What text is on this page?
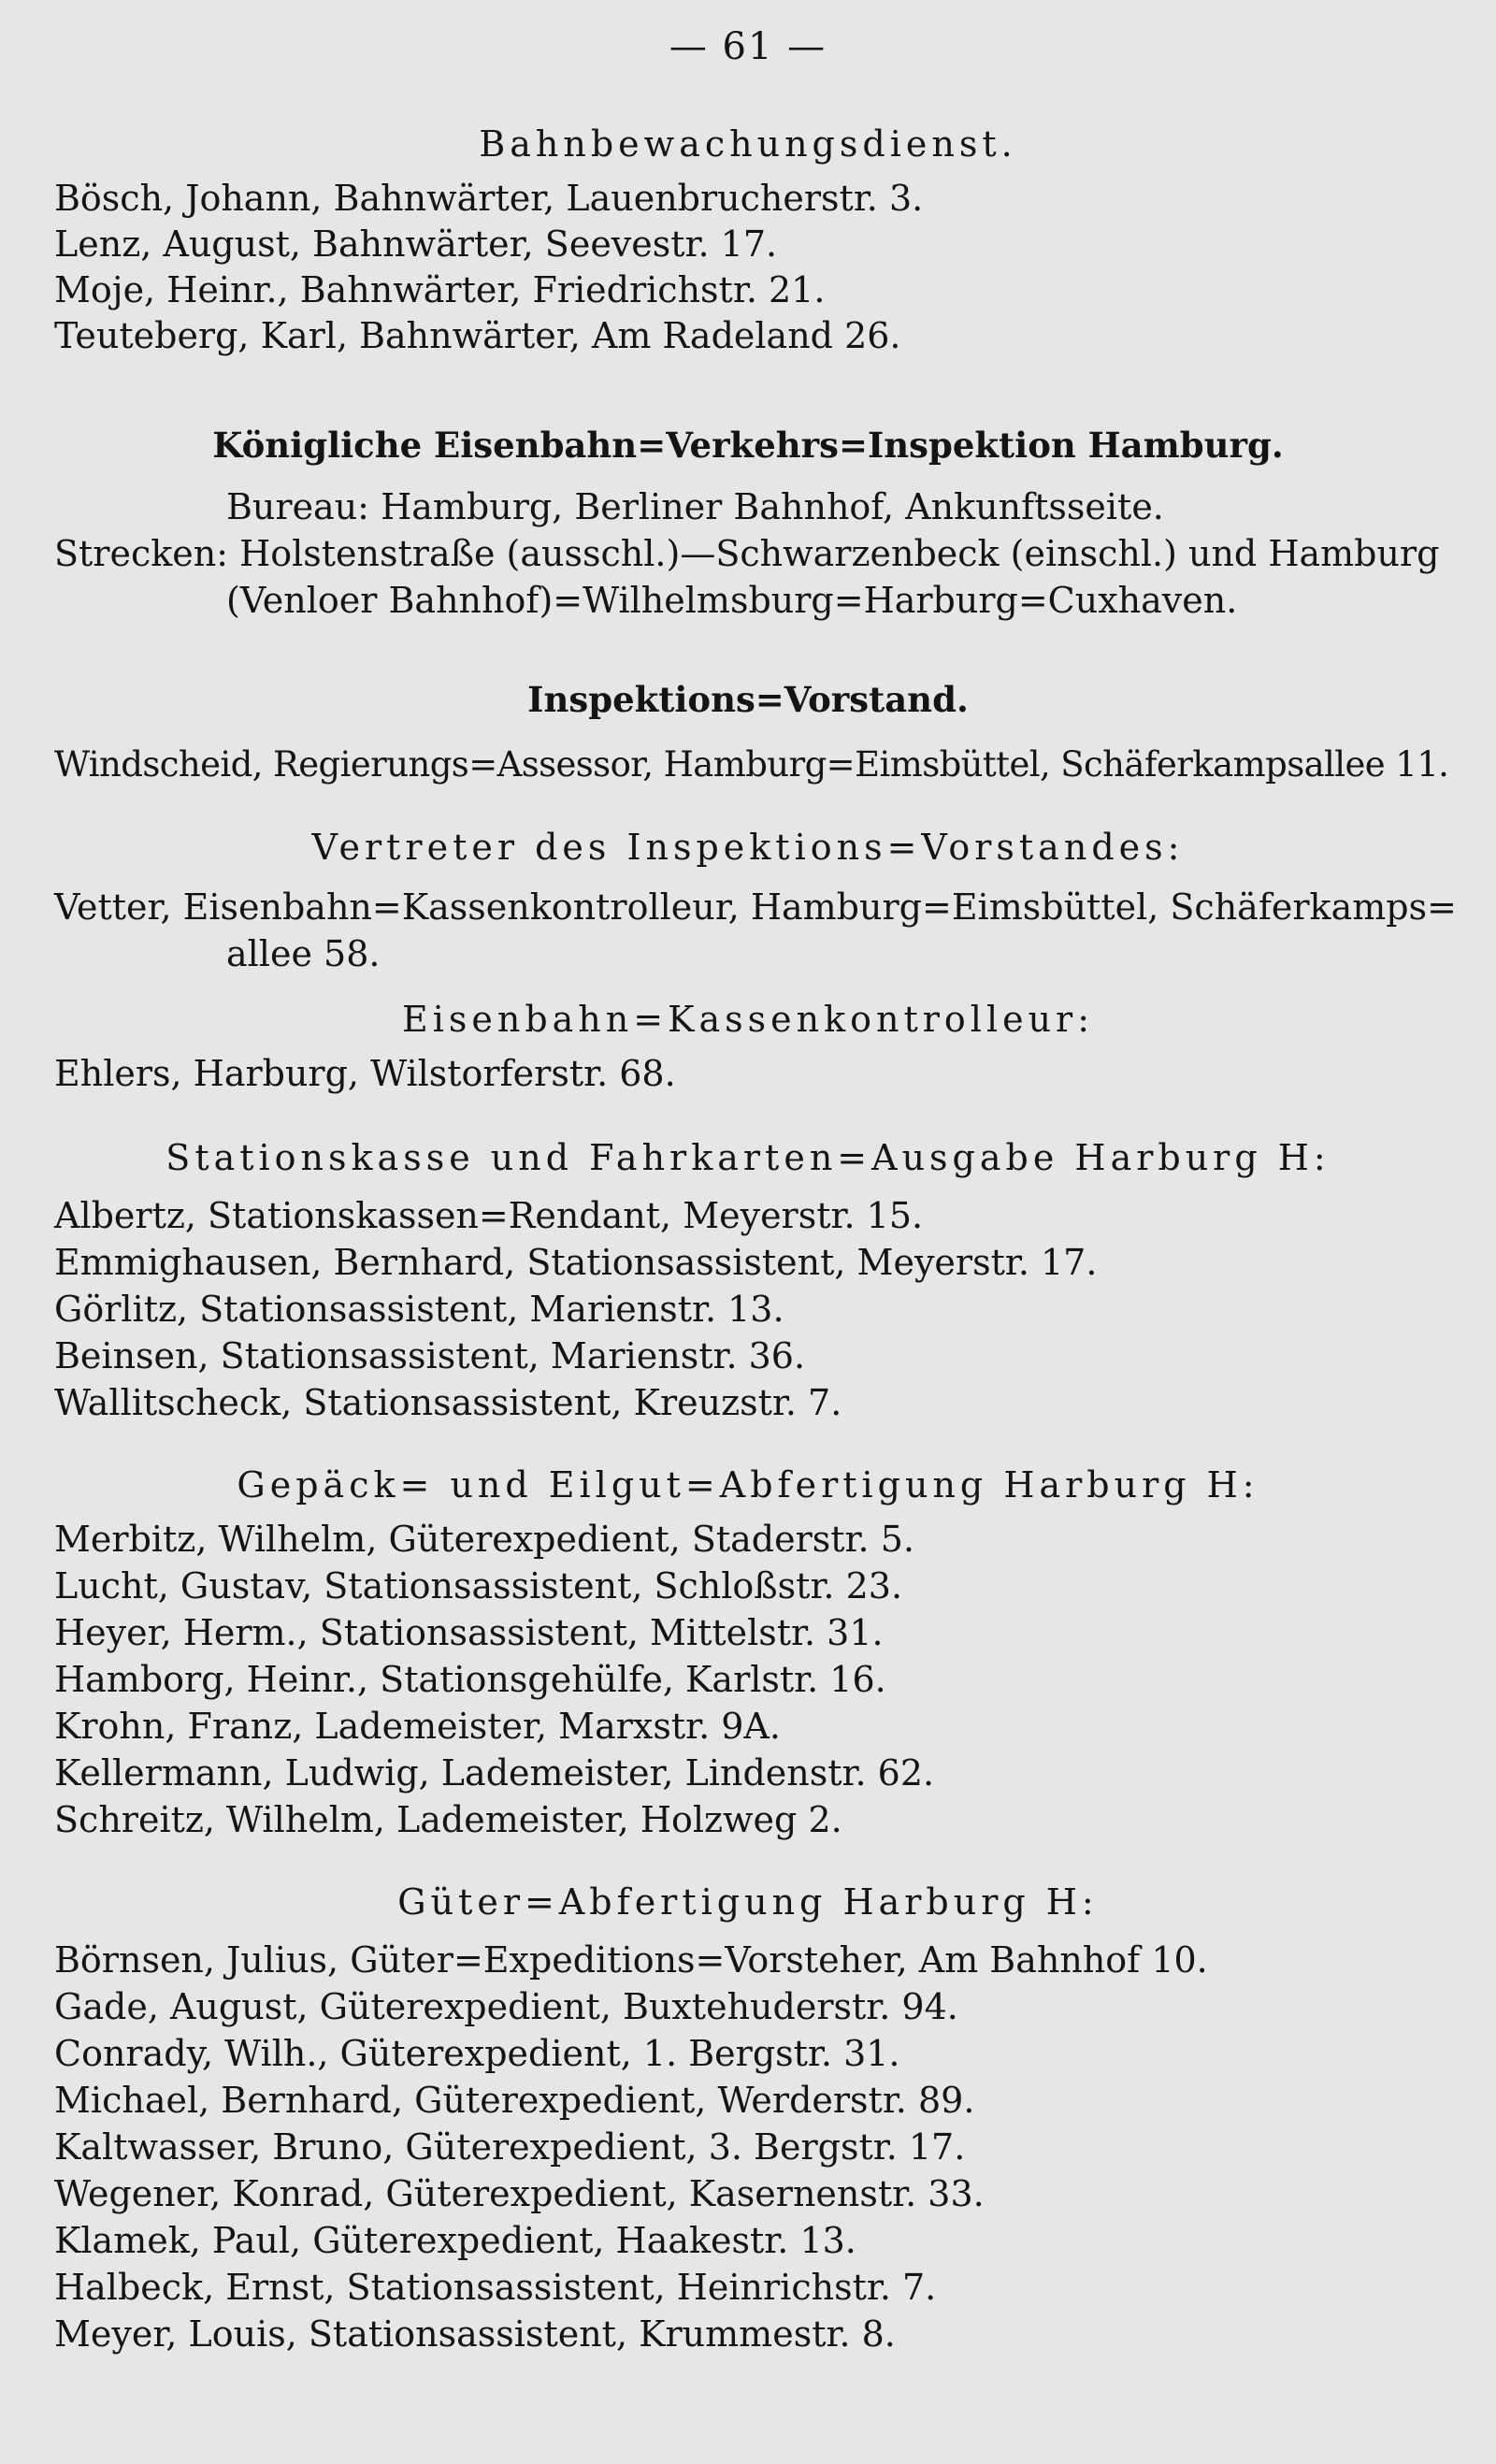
— 61 —
Bahnbewachungsdienst.
Bösch, Johann, Bahnwärter, Lauenbrucherstr. 3.
Lenz, August, Bahnwärter, Seevestr. 17.
Moje, Heinr., Bahnwärter, Friedrichstr. 21.
Teuteberg, Karl, Bahnwärter, Am Radeland 26.
Königliche Eisenbahn=Verkehrs=Inspektion Hamburg.
Bureau: Hamburg, Berliner Bahnhof, Ankunftsseite.
Strecken: Holstenstraße (ausschl.)—Schwarzenbeck (einschl.) und Hamburg
(Venloer Bahnhof)=Wilhelmsburg=Harburg=Cuxhaven.
Inspektions=Vorstand.
Windscheid, Regierungs=Assessor, Hamburg=Eimsbüttel, Schäferkampsallee 11.
Vertreter des Inspektions=Vorstandes:
Vetter, Eisenbahn=Kassenkontrolleur, Hamburg=Eimsbüttel, Schäferkamps=
allee 58.
Eisenbahn=Kassenkontrolleur:
Ehlers, Harburg, Wilstorferstr. 68.
Stationskasse und Fahrkarten=Ausgabe Harburg H:
Albertz, Stationskassen=Rendant, Meyerstr. 15.
Emmighausen, Bernhard, Stationsassistent, Meyerstr. 17.
Görlitz, Stationsassistent, Marienstr. 13.
Beinsen, Stationsassistent, Marienstr. 36.
Wallitscheck, Stationsassistent, Kreuzstr. 7.
Gepäck= und Eilgut=Abfertigung Harburg H:
Merbitz, Wilhelm, Güterexpedient, Staderstr. 5.
Lucht, Gustav, Stationsassistent, Schloßstr. 23.
Heyer, Herm., Stationsassistent, Mittelstr. 31.
Hamborg, Heinr., Stationsgehülfe, Karlstr. 16.
Krohn, Franz, Lademeister, Marxstr. 9A.
Kellermann, Ludwig, Lademeister, Lindenstr. 62.
Schreitz, Wilhelm, Lademeister, Holzweg 2.
Güter=Abfertigung Harburg H:
Börnsen, Julius, Güter=Expeditions=Vorsteher, Am Bahnhof 10.
Gade, August, Güterexpedient, Buxtehuderstr. 94.
Conrady, Wilh., Güterexpedient, 1. Bergstr. 31.
Michael, Bernhard, Güterexpedient, Werderstr. 89.
Kaltwasser, Bruno, Güterexpedient, 3. Bergstr. 17.
Wegener, Konrad, Güterexpedient, Kasernenstr. 33.
Klamek, Paul, Güterexpedient, Haakestr. 13.
Halbeck, Ernst, Stationsassistent, Heinrichstr. 7.
Meyer, Louis, Stationsassistent, Krummestr. 8.
